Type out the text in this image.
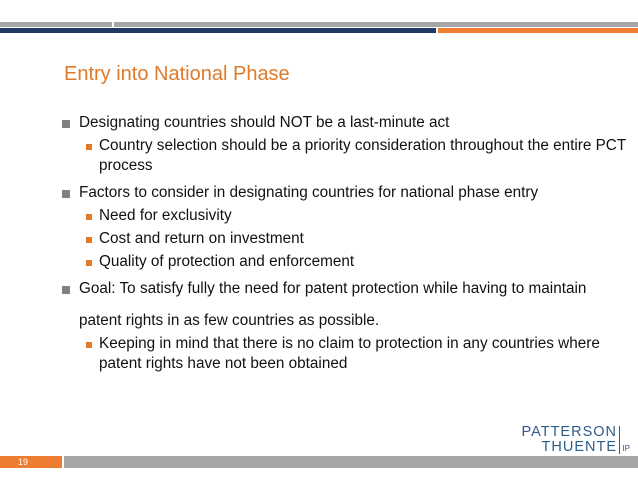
Entry into National Phase
Designating countries should NOT be a last-minute act
Country selection should be a priority consideration throughout the entire PCT process
Factors to consider in designating countries for national phase entry
Need for exclusivity
Cost and return on investment
Quality of protection and enforcement
Goal: To satisfy fully the need for patent protection while having to maintain
patent rights in as few countries as possible.
Keeping in mind that there is no claim to protection in any countries where patent rights have not been obtained
PATTERSON
THUENTE IP
19
